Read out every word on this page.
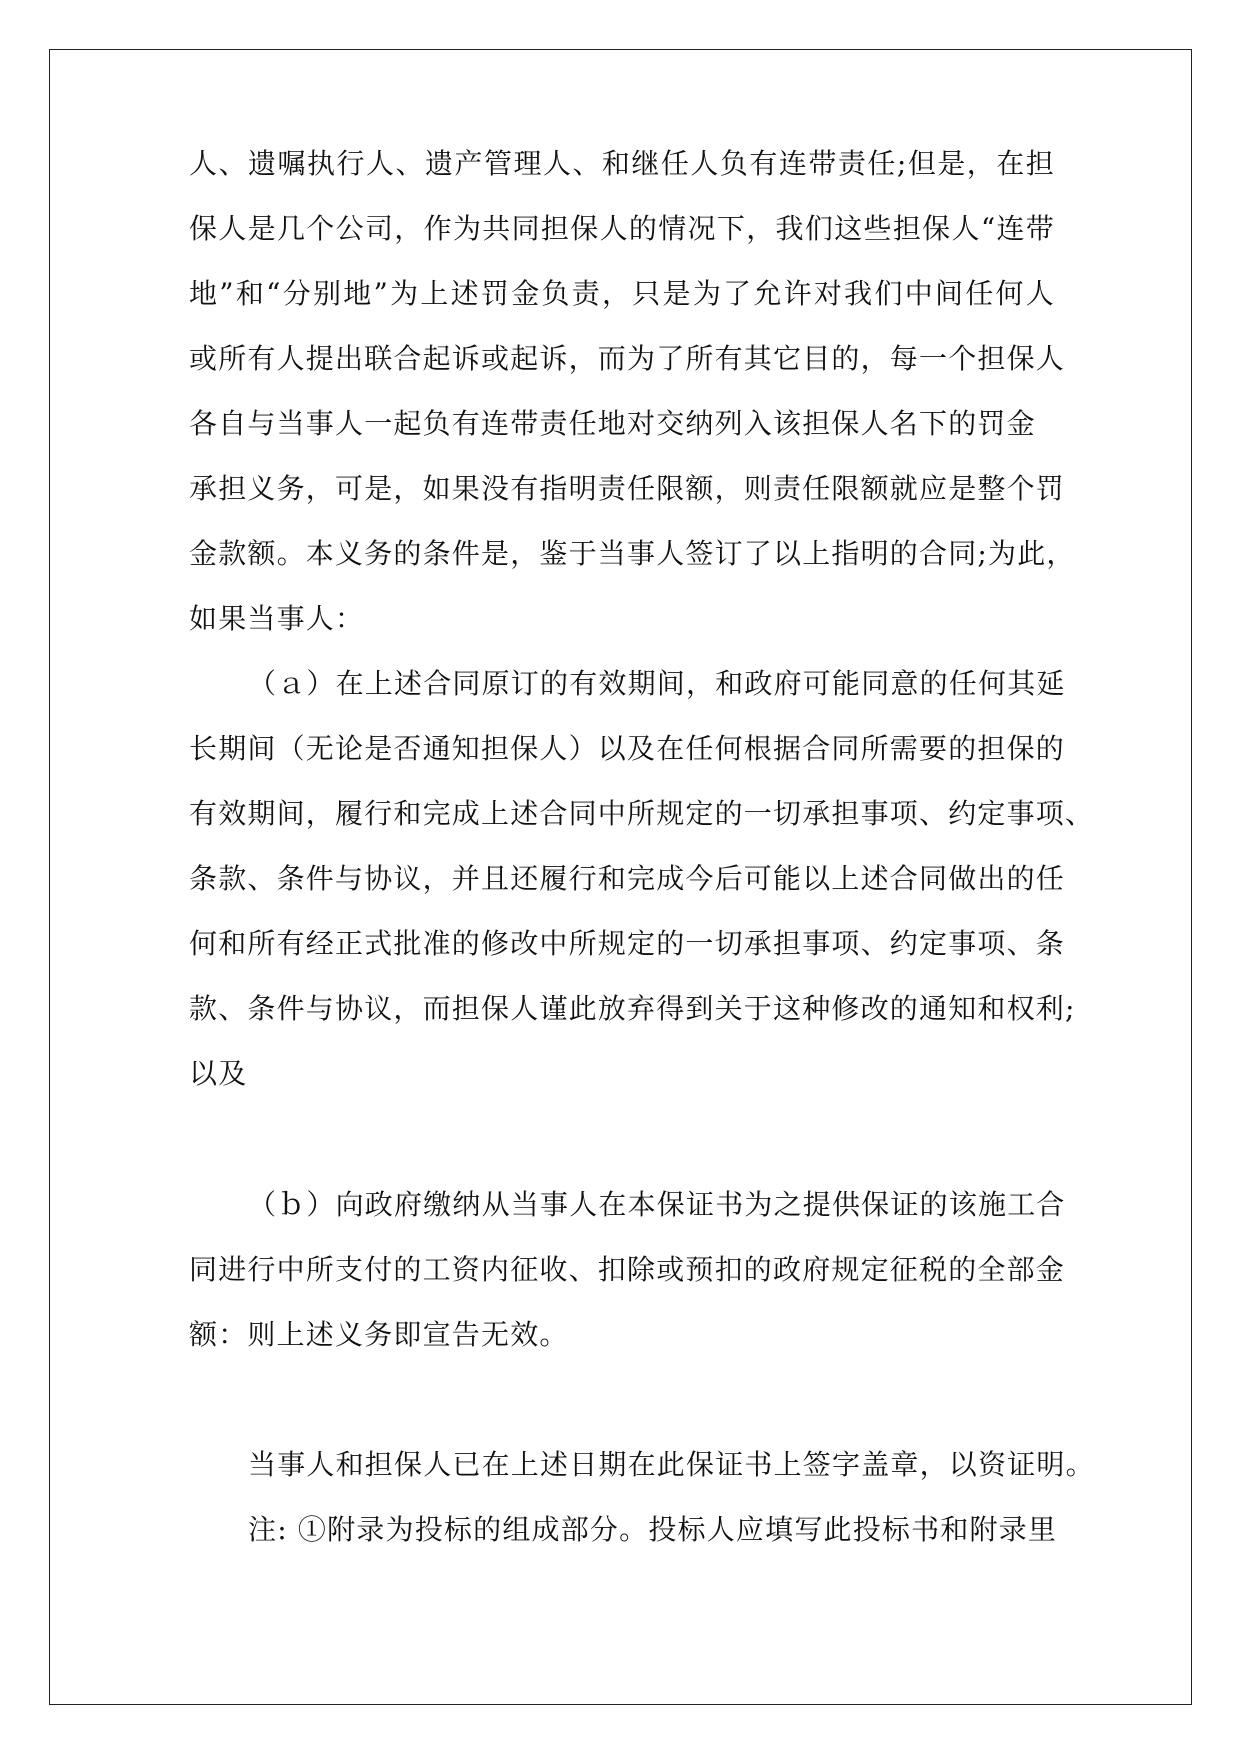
人、遗嘱执行人、遗产管理人、和继任人负有连带责任;但是，在担

保人是几个公司，作为共同担保人的情况下，我们这些担保人“连带

地”和“分别地”为上述罚金负责，只是为了允许对我们中间任何人

或所有人提出联合起诉或起诉，而为了所有其它目的，每一个担保人

各自与当事人一起负有连带责任地对交纳列入该担保人名下的罚金

承担义务，可是，如果没有指明责任限额，则责任限额就应是整个罚

金款额。本义务的条件是，鉴于当事人签订了以上指明的合同;为此，

如果当事人：

（ａ）在上述合同原订的有效期间，和政府可能同意的任何其延

长期间（无论是否通知担保人）以及在任何根据合同所需要的担保的

有效期间，履行和完成上述合同中所规定的一切承担事项、约定事项、

条款、条件与协议，并且还履行和完成今后可能以上述合同做出的任

何和所有经正式批准的修改中所规定的一切承担事项、约定事项、条

款、条件与协议，而担保人谨此放弃得到关于这种修改的通知和权利;

以及

（ｂ）向政府缴纳从当事人在本保证书为之提供保证的该施工合

同进行中所支付的工资内征收、扣除或预扣的政府规定征税的全部金

额：则上述义务即宣告无效。

当事人和担保人已在上述日期在此保证书上签字盖章，以资证明。

注: ①附录为投标的组成部分。投标人应填写此投标书和附录里
